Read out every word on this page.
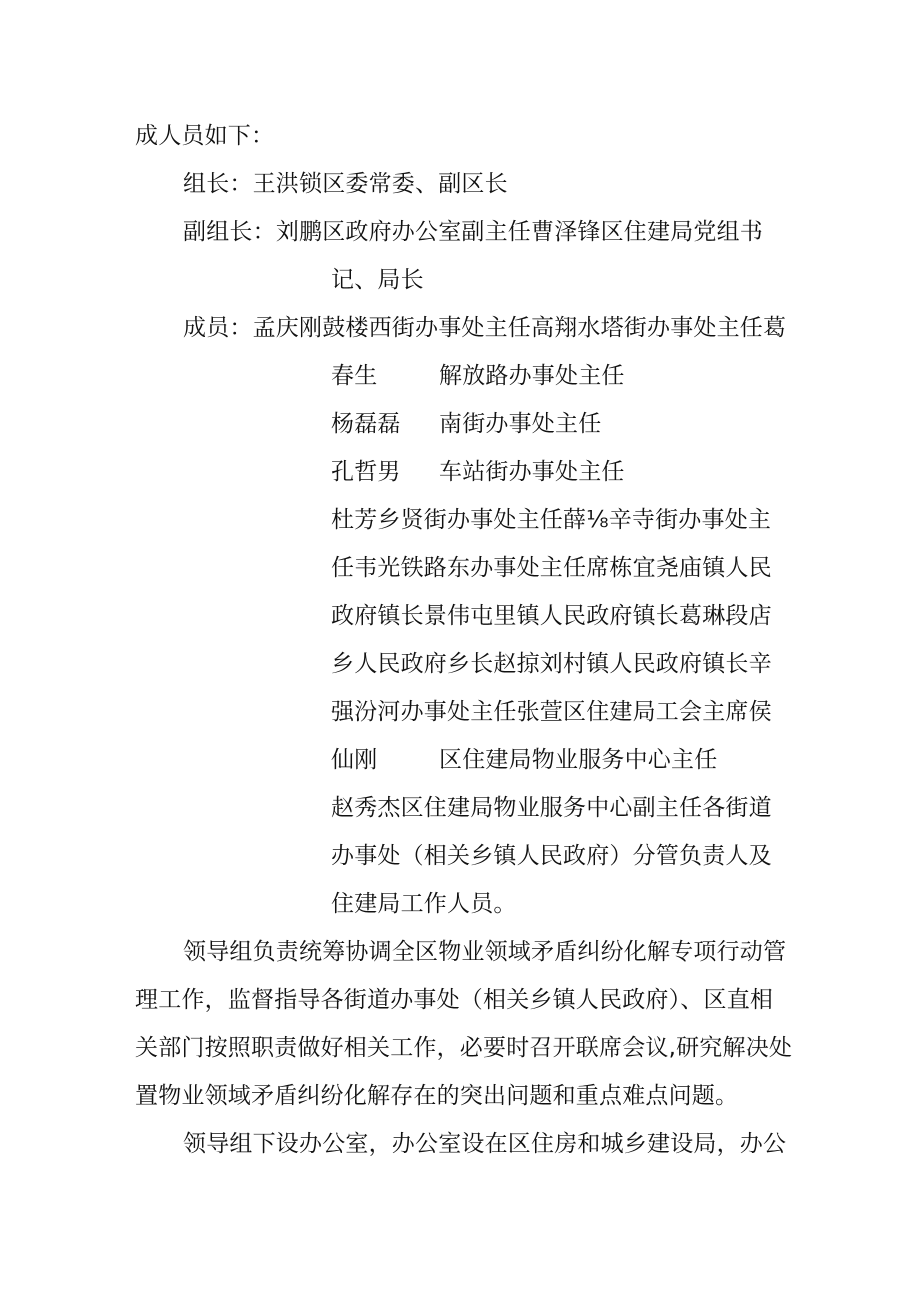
成人员如下：
组长：王洪锁区委常委、副区长
副组长：刘鹏区政府办公室副主任曹泽锋区住建局党组书
记、局长
成员：孟庆刚鼓楼西街办事处主任高翔水塔街办事处主任葛
春生	解放路办事处主任
杨磊磊 南街办事处主任
孔哲男 车站街办事处主任
杜芳乡贤街办事处主任薛⅛辛寺街办事处主
任韦光铁路东办事处主任席栋宜尧庙镇人民
政府镇长景伟屯里镇人民政府镇长葛琳段店
乡人民政府乡长赵掠刘村镇人民政府镇长辛
强汾河办事处主任张萱区住建局工会主席侯
仙刚	区住建局物业服务中心主任
赵秀杰区住建局物业服务中心副主任各街道
办事处（相关乡镇人民政府）分管负责人及
住建局工作人员。
领导组负责统筹协调全区物业领域矛盾纠纷化解专项行动管
理工作，监督指导各街道办事处（相关乡镇人民政府）、区直相
关部门按照职责做好相关工作，必要时召开联席会议,研究解决处
置物业领域矛盾纠纷化解存在的突出问题和重点难点问题。
领导组下设办公室，办公室设在区住房和城乡建设局，办公
